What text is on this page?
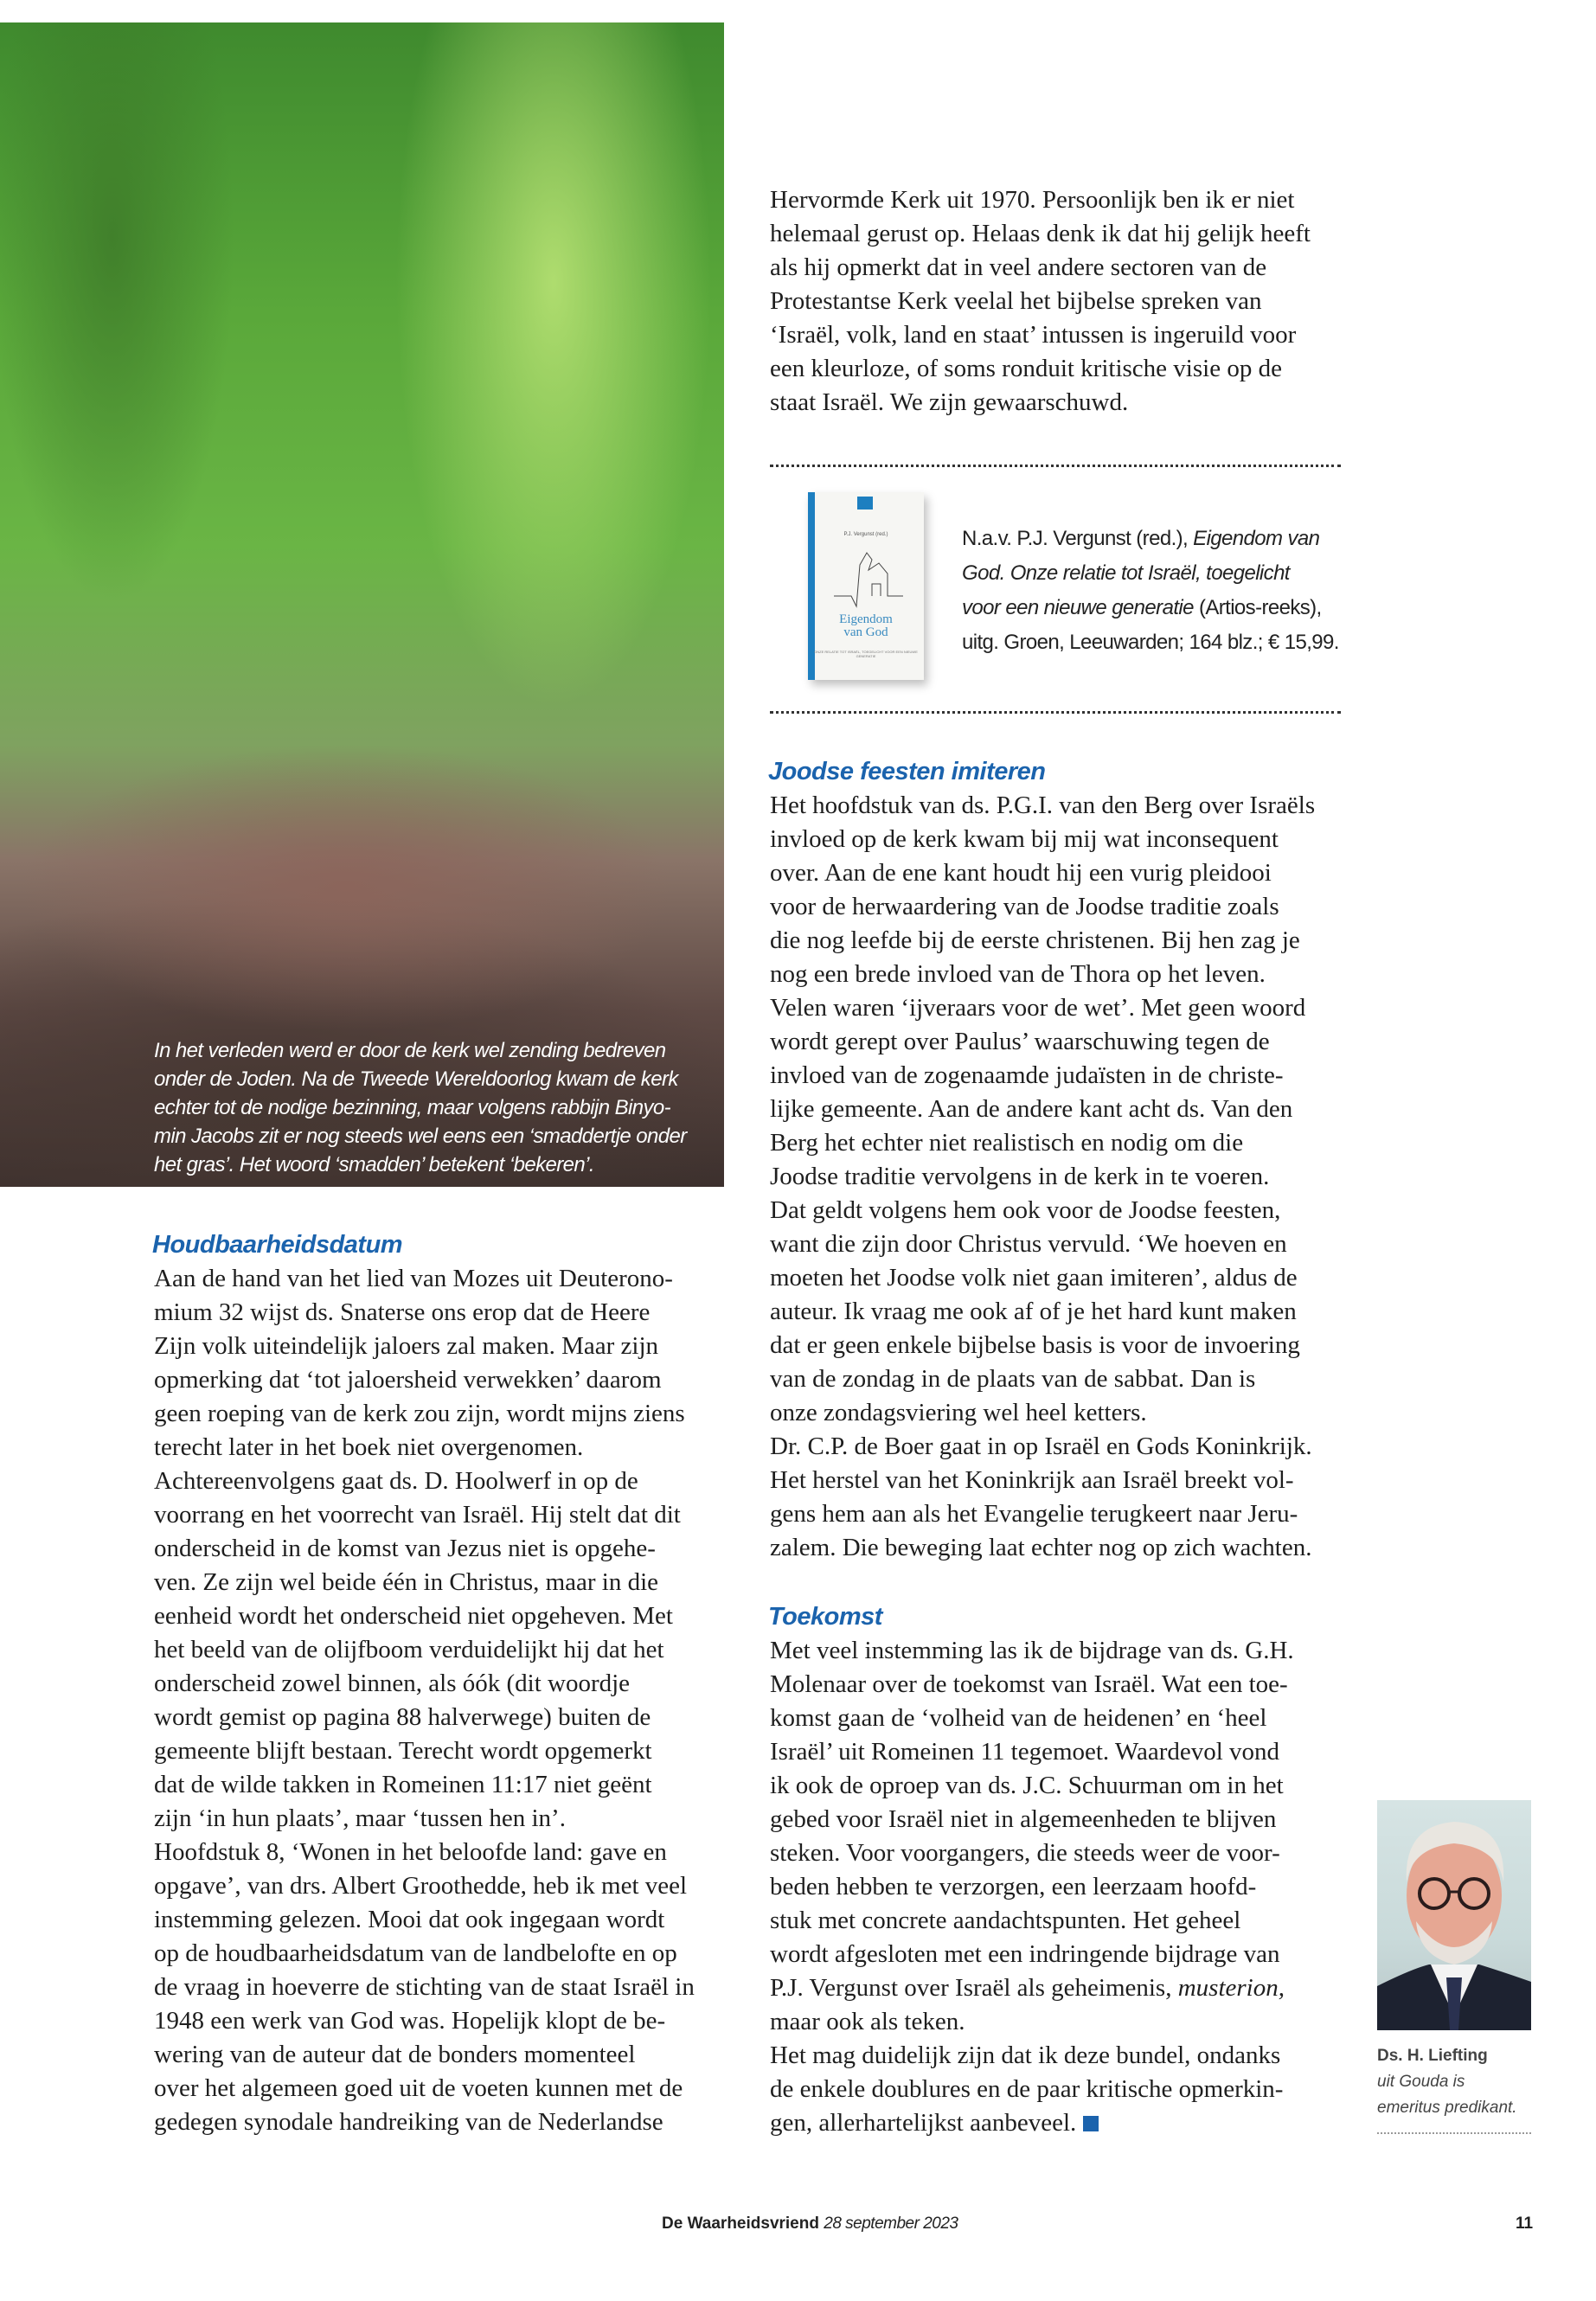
In het verleden werd er door de kerk wel zending bedreven
onder de Joden. Na de Tweede Wereldoorlog kwam de kerk
echter tot de nodige bezinning, maar volgens rabbijn Binyo-
min Jacobs zit er nog steeds wel eens een ‘smaddertje onder
het gras’. Het woord ‘smadden’ betekent ‘bekeren’.
Hervormde Kerk uit 1970. Persoonlijk ben ik er niet
helemaal gerust op. Helaas denk ik dat hij gelijk heeft
als hij opmerkt dat in veel andere sectoren van de
Protestantse Kerk veelal het bijbelse spreken van
‘Israël, volk, land en staat’ intussen is ingeruild voor
een kleurloze, of soms ronduit kritische visie op de
staat Israël. We zijn gewaarschuwd.
P.J. Vergunst (red.)
Eigendom
van God
ONZE RELATIE TOT ISRAËL, TOEGELICHT VOOR EEN NIEUWE GENERATIE
N.a.v. P.J. Vergunst (red.), Eigendom van
God. Onze relatie tot Israël, toegelicht
voor een nieuwe generatie (Artios-reeks),
uitg. Groen, Leeuwarden; 164 blz.; € 15,99.
Joodse feesten imiteren
Het hoofdstuk van ds. P.G.I. van den Berg over Israëls
invloed op de kerk kwam bij mij wat inconsequent
over. Aan de ene kant houdt hij een vurig pleidooi
voor de herwaardering van de Joodse traditie zoals
die nog leefde bij de eerste christenen. Bij hen zag je
nog een brede invloed van de Thora op het leven.
Velen waren ‘ijveraars voor de wet’. Met geen woord
wordt gerept over Paulus’ waarschuwing tegen de
invloed van de zogenaamde judaïsten in de christe-
lijke gemeente. Aan de andere kant acht ds. Van den
Berg het echter niet realistisch en nodig om die
Joodse traditie vervolgens in de kerk in te voeren.
Dat geldt volgens hem ook voor de Joodse feesten,
want die zijn door Christus vervuld. ‘We hoeven en
moeten het Joodse volk niet gaan imiteren’, aldus de
auteur. Ik vraag me ook af of je het hard kunt maken
dat er geen enkele bijbelse basis is voor de invoering
van de zondag in de plaats van de sabbat. Dan is
onze zondagsviering wel heel ketters.
Dr. C.P. de Boer gaat in op Israël en Gods Koninkrijk.
Het herstel van het Koninkrijk aan Israël breekt vol-
gens hem aan als het Evangelie terugkeert naar Jeru-
zalem. Die beweging laat echter nog op zich wachten.
Toekomst
Met veel instemming las ik de bijdrage van ds. G.H.
Molenaar over de toekomst van Israël. Wat een toe-
komst gaan de ‘volheid van de heidenen’ en ‘heel
Israël’ uit Romeinen 11 tegemoet. Waardevol vond
ik ook de oproep van ds. J.C. Schuurman om in het
gebed voor Israël niet in algemeenheden te blijven
steken. Voor voorgangers, die steeds weer de voor-
beden hebben te verzorgen, een leerzaam hoofd-
stuk met concrete aandachtspunten. Het geheel
wordt afgesloten met een indringende bijdrage van
P.J. Vergunst over Israël als geheimenis, musterion,
maar ook als teken.
Het mag duidelijk zijn dat ik deze bundel, ondanks
de enkele doublures en de paar kritische opmerkin-
gen, allerhartelijkst aanbeveel.
Houdbaarheidsdatum
Aan de hand van het lied van Mozes uit Deuterono-
mium 32 wijst ds. Snaterse ons erop dat de Heere
Zijn volk uiteindelijk jaloers zal maken. Maar zijn
opmerking dat ‘tot jaloersheid verwekken’ daarom
geen roeping van de kerk zou zijn, wordt mijns ziens
terecht later in het boek niet overgenomen.
Achtereenvolgens gaat ds. D. Hoolwerf in op de
voorrang en het voorrecht van Israël. Hij stelt dat dit
onderscheid in de komst van Jezus niet is opgehe-
ven. Ze zijn wel beide één in Christus, maar in die
eenheid wordt het onderscheid niet opgeheven. Met
het beeld van de olijfboom verduidelijkt hij dat het
onderscheid zowel binnen, als óók (dit woordje
wordt gemist op pagina 88 halverwege) buiten de
gemeente blijft bestaan. Terecht wordt opgemerkt
dat de wilde takken in Romeinen 11:17 niet geënt
zijn ‘in hun plaats’, maar ‘tussen hen in’.
Hoofdstuk 8, ‘Wonen in het beloofde land: gave en
opgave’, van drs. Albert Groothedde, heb ik met veel
instemming gelezen. Mooi dat ook ingegaan wordt
op de houdbaarheidsdatum van de landbelofte en op
de vraag in hoeverre de stichting van de staat Israël in
1948 een werk van God was. Hopelijk klopt de be-
wering van de auteur dat de bonders momenteel
over het algemeen goed uit de voeten kunnen met de
gedegen synodale handreiking van de Nederlandse
Ds. H. Liefting
uit Gouda is
emeritus predikant.
De Waarheidsvriend 28 september 2023	11
